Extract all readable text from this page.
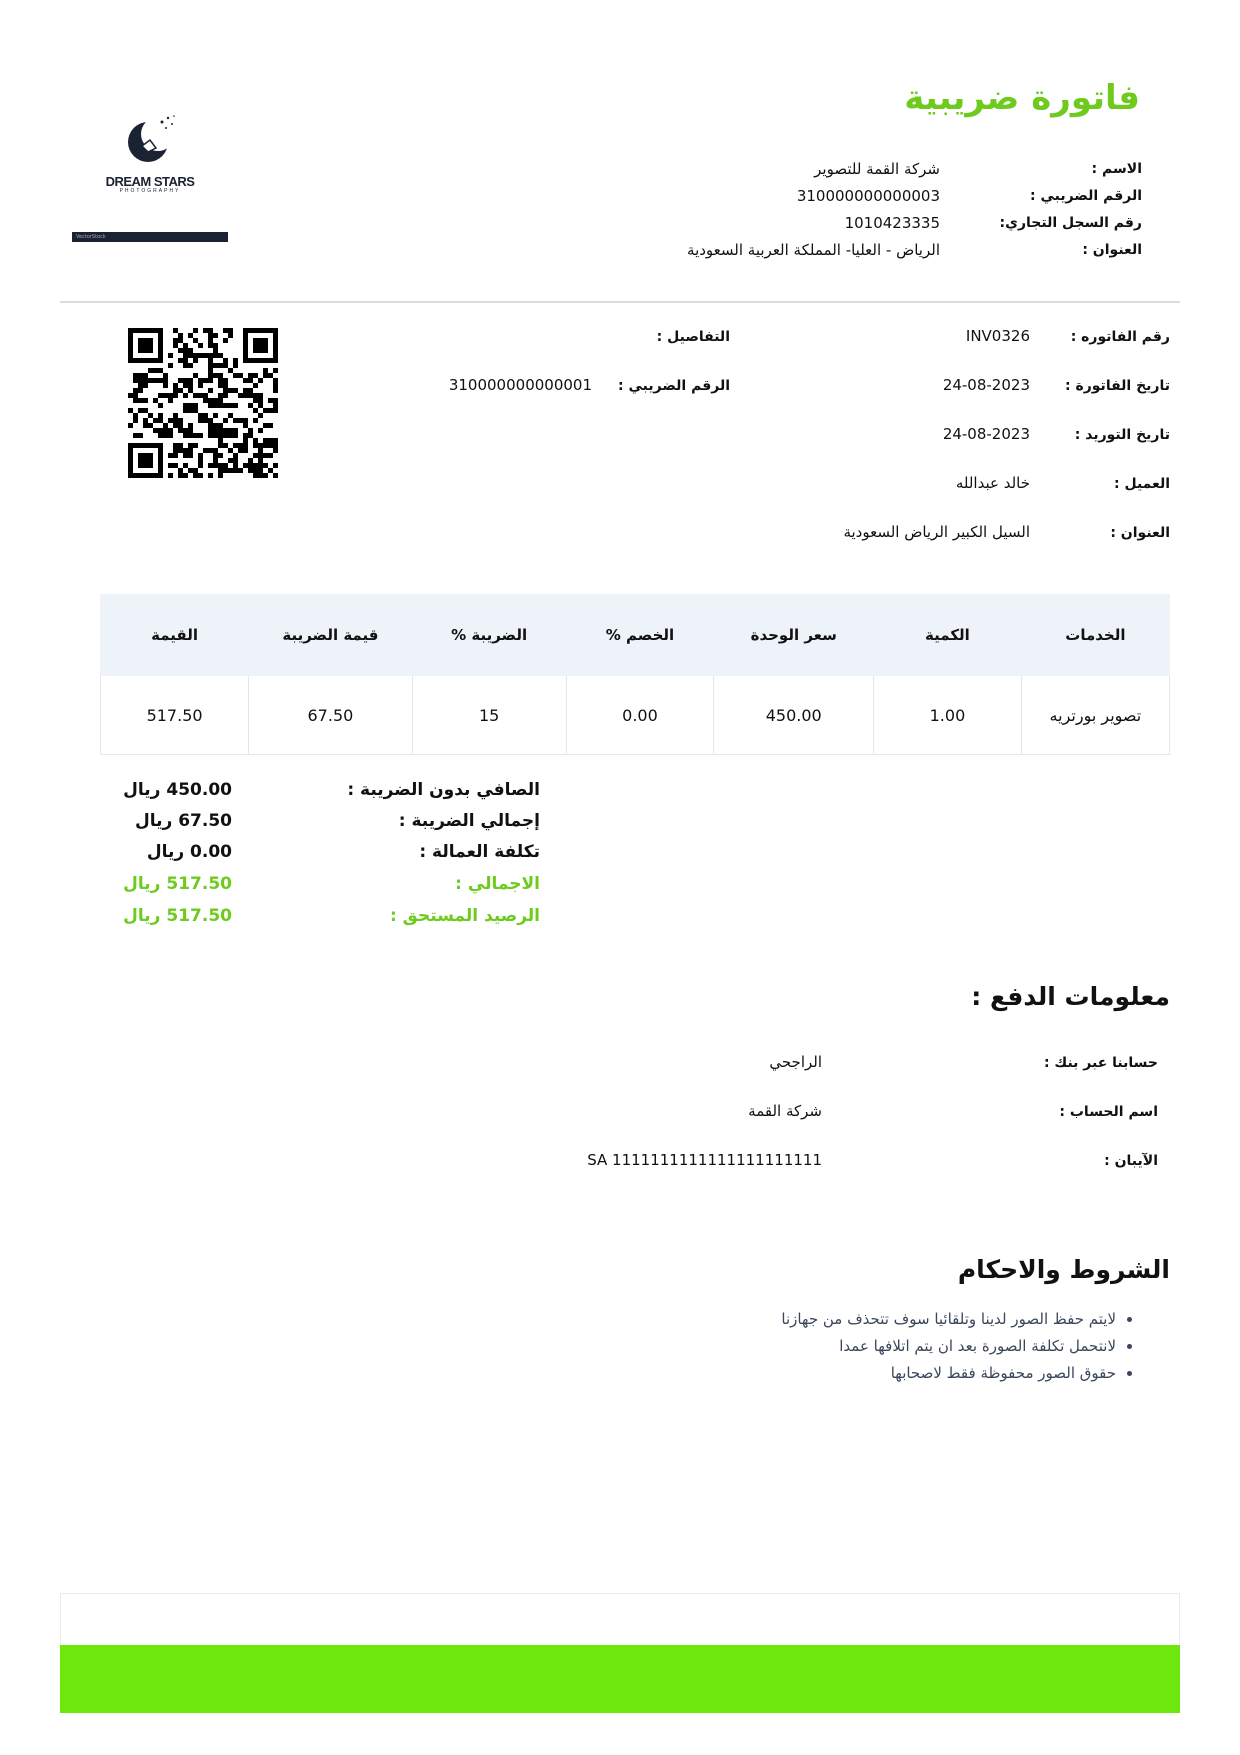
فاتورة ضريبية
DREAM STARS
PHOTOGRAPHY
VectorStock
الاسم :
شركة القمة للتصوير
الرقم الضريبي :
310000000000003
رقم السجل التجاري:
1010423335
العنوان :
الرياض - العليا- المملكة العربية السعودية
رقم الفاتوره :
INV0326
تاريخ الفاتورة :
24-08-2023
تاريخ التوريد :
24-08-2023
العميل :
خالد عبدالله
العنوان :
السيل الكبير الرياض السعودية
التفاصيل :
الرقم الضريبي :
310000000000001
الخدمات	الكمية	سعر الوحدة	الخصم %	الضريبة %	قيمة الضريبة	القيمة
تصوير بورتريه	1.00	450.00	0.00	15	67.50	517.50
الصافي بدون الضريبة :
450.00 ريال
إجمالي الضريبة :
67.50 ريال
تكلفة العمالة :
0.00 ريال
الاجمالي :
517.50 ريال
الرصيد المستحق :
517.50 ريال
معلومات الدفع :
حسابنا عبر بنك :
الراجحي
اسم الحساب :
شركة القمة
الآيبان :
SA 1111111111111111111111
الشروط والاحكام
• لايتم حفظ الصور لدينا وتلقائيا سوف تتحذف من جهازنا
• لانتحمل تكلفة الصورة بعد ان يتم اتلافها عمدا
• حقوق الصور محفوظة فقط لاصحابها
